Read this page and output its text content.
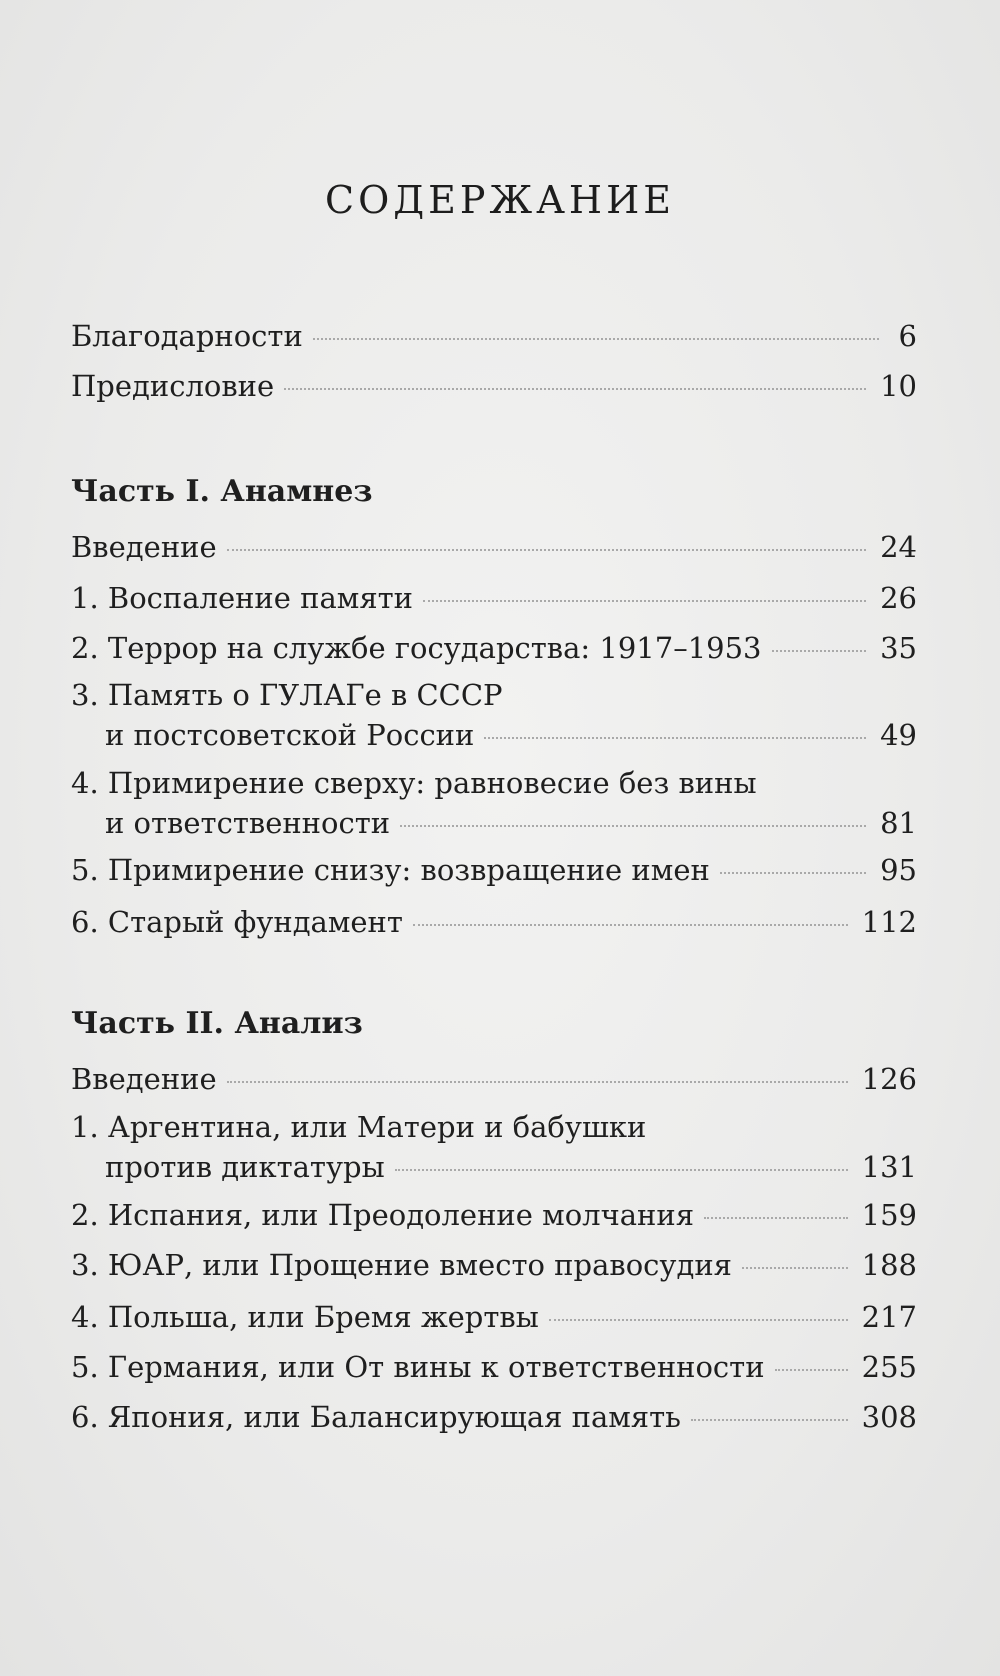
СОДЕРЖАНИЕ
Благодарности	6
Предисловие	10
Часть I. Анамнез
Введение	24
1. Воспаление памяти	26
2. Террор на службе государства: 1917–1953	35
3. Память о ГУЛАГе в СССР
и постсоветской России	49
4. Примирение сверху: равновесие без вины
и ответственности	81
5. Примирение снизу: возвращение имен	95
6. Старый фундамент	112
Часть II. Анализ
Введение	126
1. Аргентина, или Матери и бабушки
против диктатуры	131
2. Испания, или Преодоление молчания	159
3. ЮАР, или Прощение вместо правосудия	188
4. Польша, или Бремя жертвы	217
5. Германия, или От вины к ответственности	255
6. Япония, или Балансирующая память	308
